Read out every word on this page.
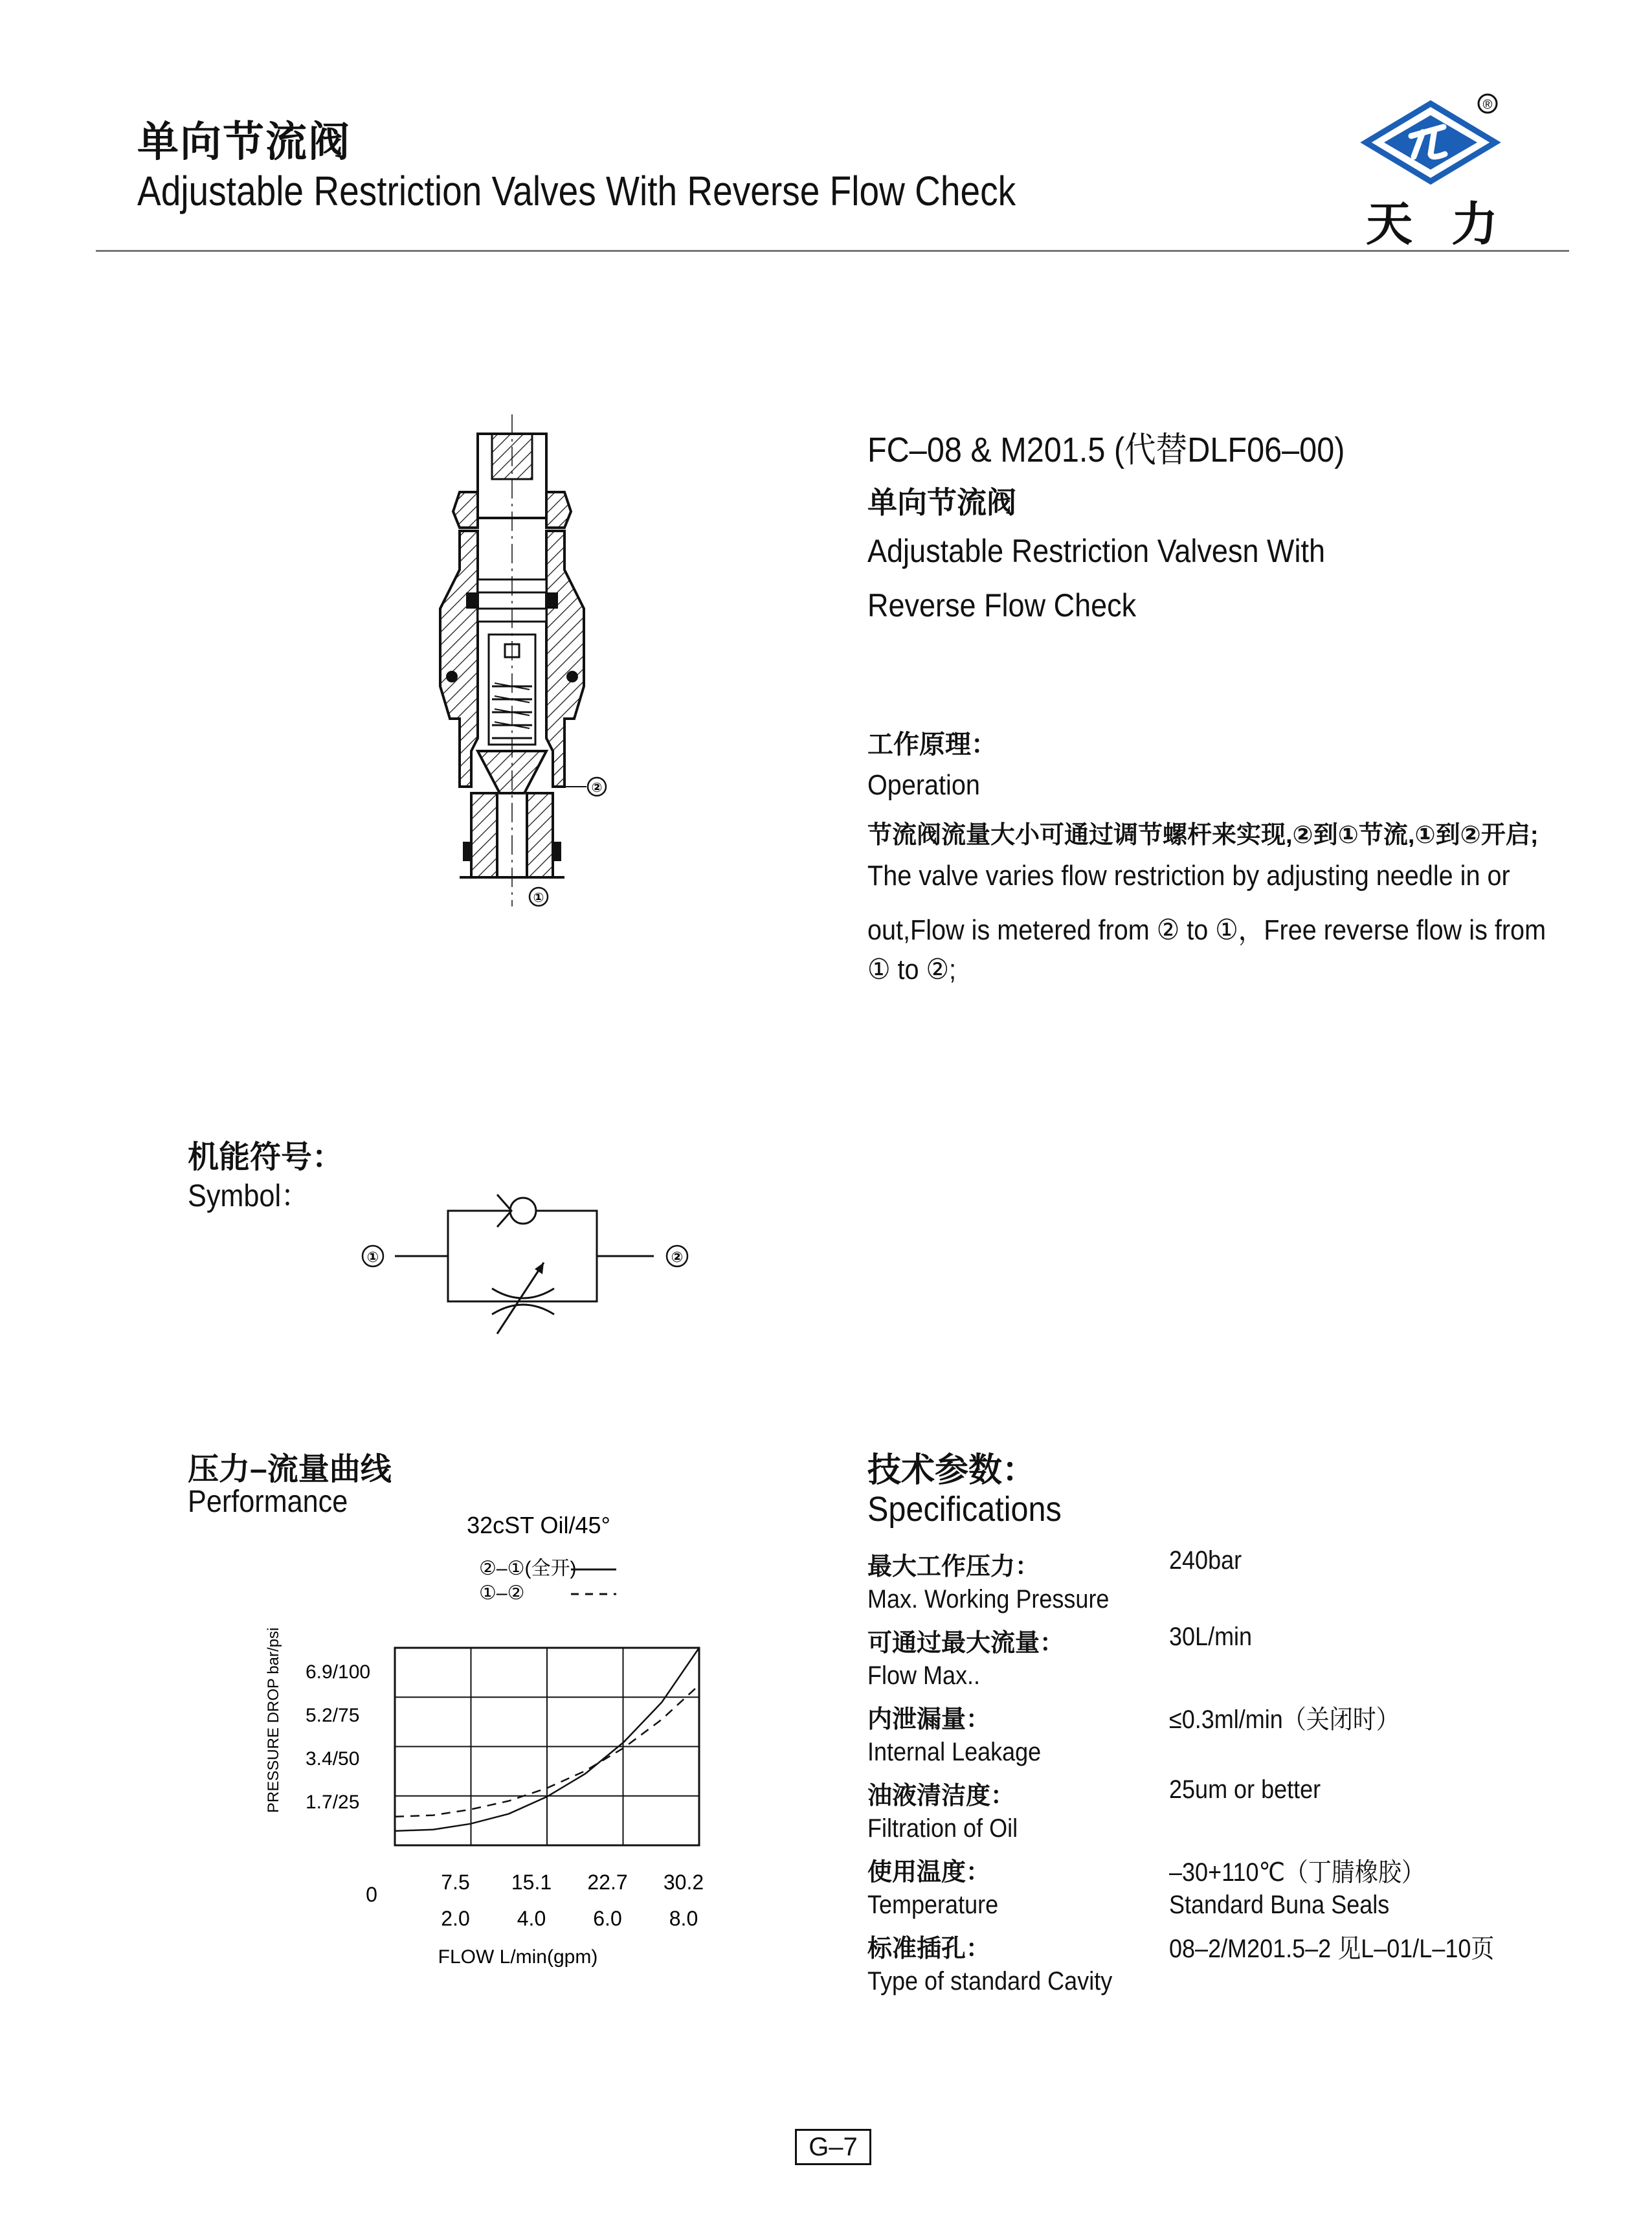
单向节流阀
Adjustable Restriction Valves With Reverse Flow Check
®
天力
FC–08 & M201.5 (代替DLF06–00)
单向节流阀
Adjustable Restriction Valvesn With
Reverse Flow Check
②
①
工作原理：
Operation
节流阀流量大小可通过调节螺杆来实现,②到①节流,①到②开启;
The valve varies flow restriction by adjusting needle in or
out,Flow is metered from ② to ①，Free reverse flow is from
① to ②;
机能符号：
Symbol：
①	②
压力–流量曲线
Performance
32cST Oil/45°
②–①(全开)
①–②
PRESSURE DROP bar/psi
0
FLOW L/min(gpm)
7.5 15.1 22.7 30.2
2.0 4.0 6.0 8.0
1.7/25
3.4/50
5.2/75
6.9/100
技术参数：
Specifications
最大工作压力：
Max. Working Pressure
240bar
可通过最大流量：
Flow Max..
30L/min
内泄漏量：
Internal Leakage
≤0.3ml/min（关闭时）
油液清洁度：
Filtration of Oil
25um or better
使用温度：
Temperature
–30+110℃（丁腈橡胶）
Standard Buna Seals
标准插孔：
Type of standard Cavity
08–2/M201.5–2 见L–01/L–10页
G–7
